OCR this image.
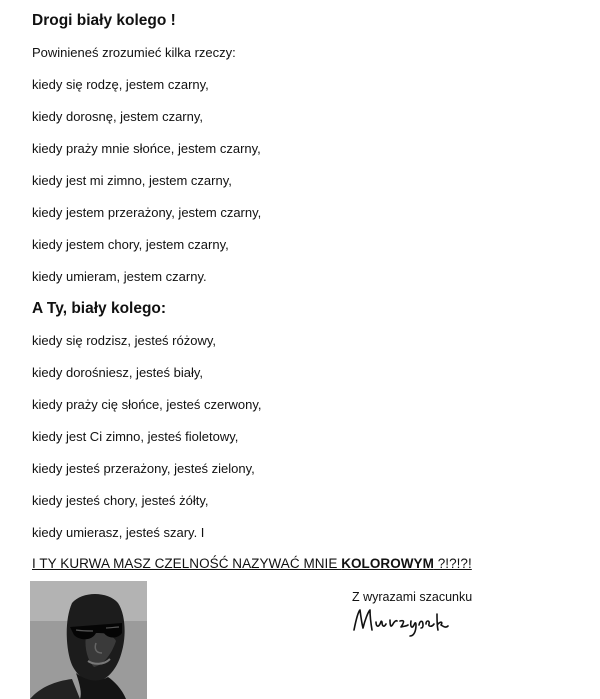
Drogi biały kolego !
Powinieneś zrozumieć kilka rzeczy:
kiedy się rodzę, jestem czarny,
kiedy dorosnę, jestem czarny,
kiedy praży mnie słońce, jestem czarny,
kiedy jest mi zimno, jestem czarny,
kiedy jestem przerażony, jestem czarny,
kiedy jestem chory, jestem czarny,
kiedy umieram, jestem czarny.
A Ty, biały kolego:
kiedy się rodzisz, jesteś różowy,
kiedy dorośniesz, jesteś biały,
kiedy praży cię słońce, jesteś czerwony,
kiedy jest Ci zimno, jesteś fioletowy,
kiedy jesteś przerażony, jesteś zielony,
kiedy jesteś chory, jesteś żółty,
kiedy umierasz, jesteś szary. I
I TY KURWA MASZ CZELNOŚĆ NAZYWAĆ MNIE KOLOROWYM ?!?!?!
Z wyrazami szacunku
